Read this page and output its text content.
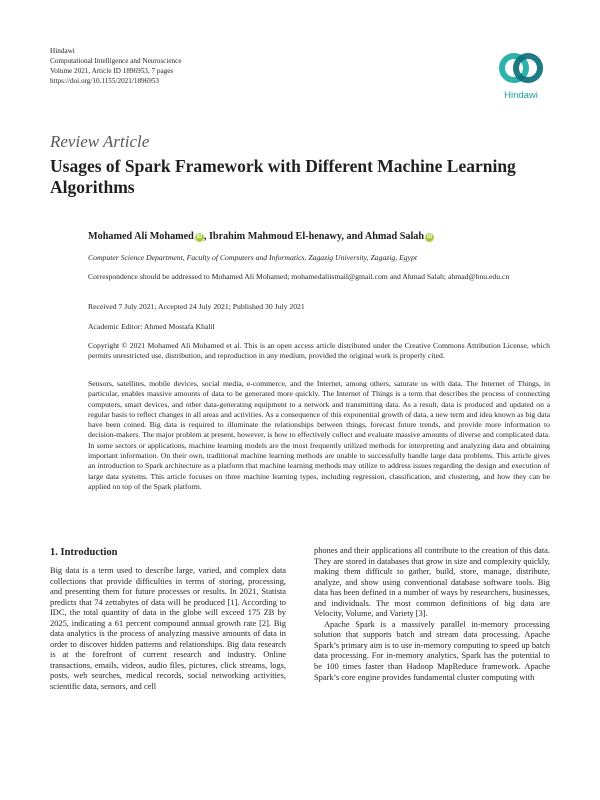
Hindawi
Computational Intelligence and Neuroscience
Volume 2021, Article ID 1896953, 7 pages
https://doi.org/10.1155/2021/1896953
Hindawi
Review Article
Usages of Spark Framework with Different Machine Learning Algorithms
Mohamed Ali Mohamed iD , Ibrahim Mahmoud El-henawy, and Ahmad Salah iD
Computer Science Department, Faculty of Computers and Informatics, Zagazig University, Zagazig, Egypt
Correspondence should be addressed to Mohamed Ali Mohamed; mohamedaliismail@gmail.com and Ahmad Salah; ahmad@hnu.edu.cn
Received 7 July 2021; Accepted 24 July 2021; Published 30 July 2021
Academic Editor: Ahmed Mostafa Khalil
Copyright © 2021 Mohamed Ali Mohamed et al. This is an open access article distributed under the Creative Commons Attribution License, which permits unrestricted use, distribution, and reproduction in any medium, provided the original work is properly cited.
Sensors, satellites, mobile devices, social media, e-commerce, and the Internet, among others, saturate us with data. The Internet of Things, in particular, enables massive amounts of data to be generated more quickly. The Internet of Things is a term that describes the process of connecting computers, smart devices, and other data-generating equipment to a network and transmitting data. As a result, data is produced and updated on a regular basis to reflect changes in all areas and activities. As a consequence of this exponential growth of data, a new term and idea known as big data have been coined. Big data is required to illuminate the relationships between things, forecast future trends, and provide more information to decision-makers. The major problem at present, however, is how to effectively collect and evaluate massive amounts of diverse and complicated data. In some sectors or applications, machine learning models are the most frequently utilized methods for interpreting and analyzing data and obtaining important information. On their own, traditional machine learning methods are unable to successfully handle large data problems. This article gives an introduction to Spark architecture as a platform that machine learning methods may utilize to address issues regarding the design and execution of large data systems. This article focuses on three machine learning types, including regression, classification, and clustering, and how they can be applied on top of the Spark platform.
1. Introduction

Big data is a term used to describe large, varied, and complex data collections that provide difficulties in terms of storing, processing, and presenting them for future processes or results. In 2021, Statista predicts that 74 zettabytes of data will be produced [1]. According to IDC, the total quantity of data in the globe will exceed 175 ZB by 2025, indicating a 61 percent compound annual growth rate [2]. Big data analytics is the process of analyzing massive amounts of data in order to discover hidden patterns and relationships. Big data research is at the forefront of current research and industry. Online transactions, emails, videos, audio files, pictures, click streams, logs, posts, web searches, medical records, social networking activities, scientific data, sensors, and cell

phones and their applications all contribute to the creation of this data. They are stored in databases that grow in size and complexity quickly, making them difficult to gather, build, store, manage, distribute, analyze, and show using conventional database software tools. Big data has been defined in a number of ways by researchers, businesses, and individuals. The most common definitions of big data are Velocity, Volume, and Variety [3].

Apache Spark is a massively parallel in-memory processing solution that supports batch and stream data processing. Apache Spark’s primary aim is to use in-memory computing to speed up batch data processing. For in-memory analytics, Spark has the potential to be 100 times faster than Hadoop MapReduce framework. Apache Spark’s core engine provides fundamental cluster computing with
